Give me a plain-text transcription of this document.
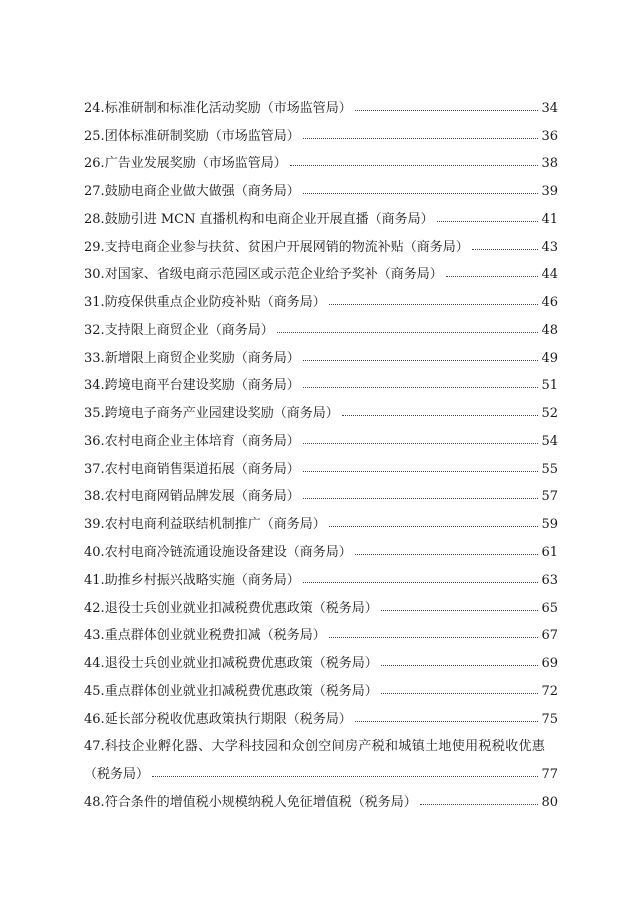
24. 标准研制和标准化活动奖励（市场监管局）	34
25. 团体标准研制奖励（市场监管局）	36
26. 广告业发展奖励（市场监管局）	38
27. 鼓励电商企业做大做强（商务局）	39
28. 鼓励引进 MCN 直播机构和电商企业开展直播（商务局）	41
29. 支持电商企业参与扶贫、贫困户开展网销的物流补贴（商务局）	43
30. 对国家、省级电商示范园区或示范企业给予奖补（商务局）	44
31. 防疫保供重点企业防疫补贴（商务局）	46
32. 支持限上商贸企业（商务局）	48
33. 新增限上商贸企业奖励（商务局）	49
34. 跨境电商平台建设奖励（商务局）	51
35. 跨境电子商务产业园建设奖励（商务局）	52
36. 农村电商企业主体培育（商务局）	54
37. 农村电商销售渠道拓展（商务局）	55
38. 农村电商网销品牌发展（商务局）	57
39. 农村电商利益联结机制推广（商务局）	59
40. 农村电商冷链流通设施设备建设（商务局）	61
41. 助推乡村振兴战略实施（商务局）	63
42. 退役士兵创业就业扣减税费优惠政策（税务局）	65
43. 重点群体创业就业税费扣减（税务局）	67
44. 退役士兵创业就业扣减税费优惠政策（税务局）	69
45. 重点群体创业就业扣减税费优惠政策（税务局）	72
46. 延长部分税收优惠政策执行期限（税务局）	75
47. 科技企业孵化器、大学科技园和众创空间房产税和城镇土地使用税税收优惠
（税务局）	77
48. 符合条件的增值税小规模纳税人免征增值税（税务局）	80
